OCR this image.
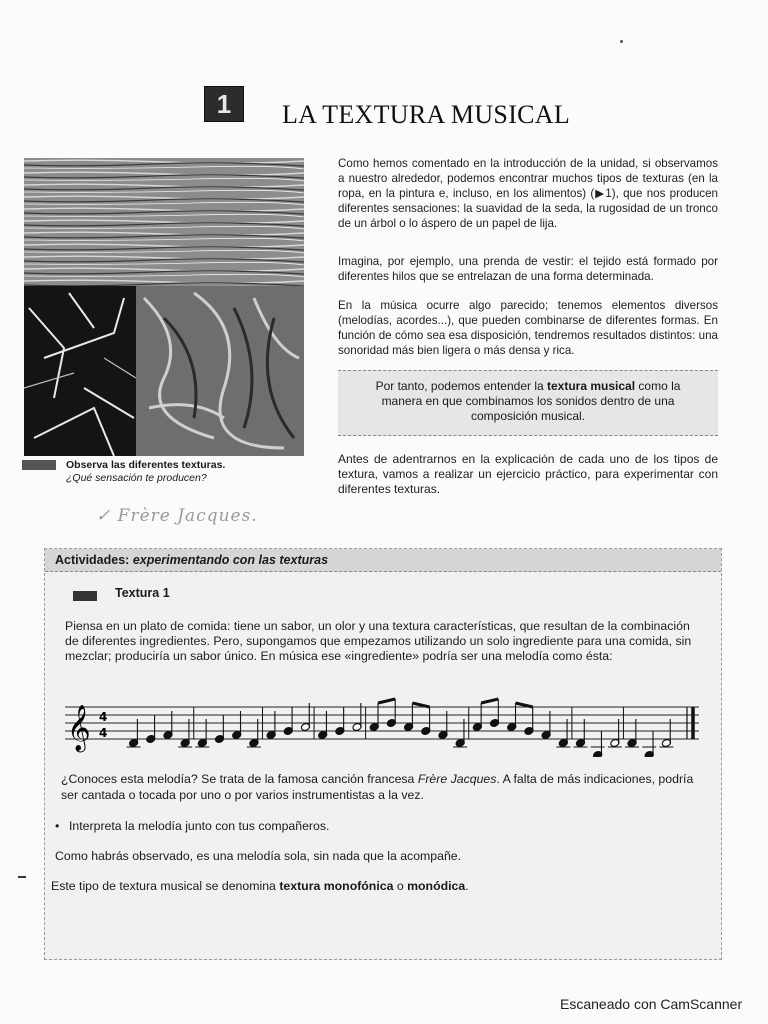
1	LA TEXTURA MUSICAL
Observa las diferentes texturas.
¿Qué sensación te producen?
Como hemos comentado en la introducción de la unidad, si observamos a nuestro alrededor, podemos encontrar muchos tipos de texturas (en la ropa, en la pintura e, incluso, en los alimentos) (▶1), que nos producen diferentes sensaciones: la suavidad de la seda, la rugosidad de un tronco de un árbol o lo áspero de un papel de lija.
Imagina, por ejemplo, una prenda de vestir: el tejido está formado por diferentes hilos que se entrelazan de una forma determinada.
En la música ocurre algo parecido; tenemos elementos diversos (melodías, acordes...), que pueden combinarse de diferentes formas. En función de cómo sea esa disposición, tendremos resultados distintos: una sonoridad más bien ligera o más densa y rica.
Por tanto, podemos entender la textura musical como la manera en que combinamos los sonidos dentro de una composición musical.
Antes de adentrarnos en la explicación de cada uno de los tipos de textura, vamos a realizar un ejercicio práctico, para experimentar con diferentes texturas.
✓ Frère Jacques.
Actividades: experimentando con las texturas
Textura 1
Piensa en un plato de comida: tiene un sabor, un olor y una textura características, que resultan de la combinación de diferentes ingredientes. Pero, supongamos que empezamos utilizando un solo ingrediente para una comida, sin mezclar; produciría un sabor único. En música ese «ingrediente» podría ser una melodía como ésta:
𝄞 4
4
¿Conoces esta melodía? Se trata de la famosa canción francesa Frère Jacques. A falta de más indicaciones, podría ser cantada o tocada por uno o por varios instrumentistas a la vez.
• Interpreta la melodía junto con tus compañeros.
Como habrás observado, es una melodía sola, sin nada que la acompañe.
Este tipo de textura musical se denomina textura monofónica o monódica.
Escaneado con CamScanner
